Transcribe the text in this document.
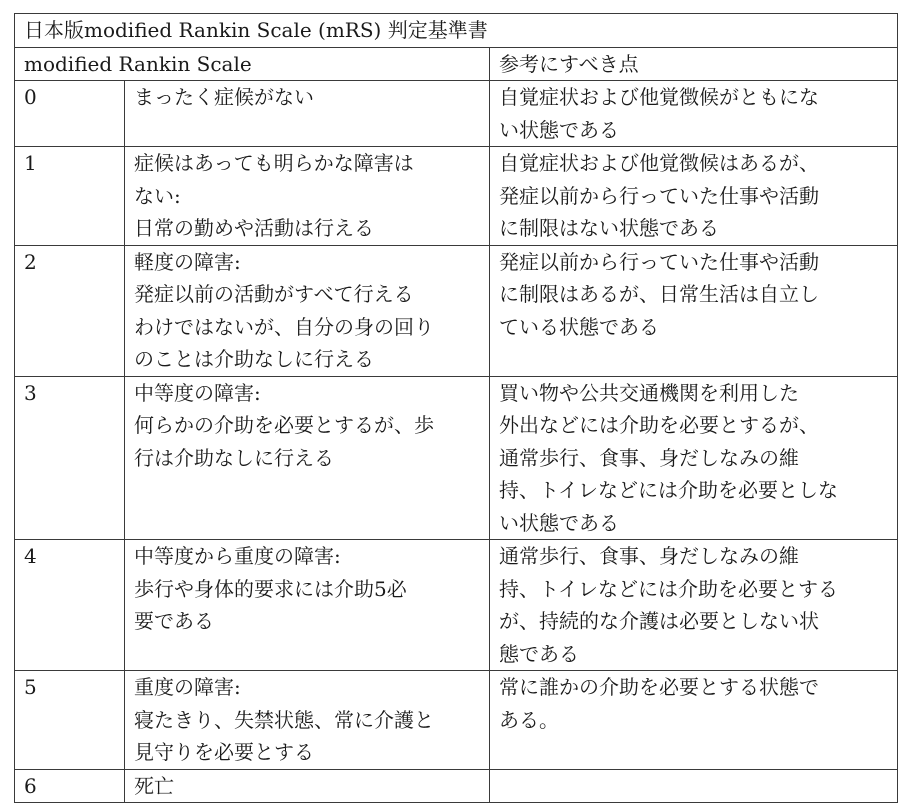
日本版modified Rankin Scale (mRS) 判定基準書		
modified Rankin Scale		参考にすべき点
0	まったく症候がない	自覚症状および他覚徴候がともにな
い状態である

1	症候はあっても明らかな障害は
ない:
日常の勤めや活動は行える	自覚症状および他覚徴候はあるが、
発症以前から行っていた仕事や活動
に制限はない状態である

2	軽度の障害:
発症以前の活動がすべて行える
わけではないが、自分の身の回り
のことは介助なしに行える	発症以前から行っていた仕事や活動
に制限はあるが、日常生活は自立し
ている状態である

3	中等度の障害:
何らかの介助を必要とするが、歩
行は介助なしに行える	買い物や公共交通機関を利用した
外出などには介助を必要とするが、
通常歩行、食事、身だしなみの維
持、トイレなどには介助を必要としな
い状態である

4	中等度から重度の障害:
歩行や身体的要求には介助5必
要である	通常歩行、食事、身だしなみの維
持、トイレなどには介助を必要とする
が、持続的な介護は必要としない状
態である

5	重度の障害:
寝たきり、失禁状態、常に介護と
見守りを必要とする	常に誰かの介助を必要とする状態で
ある。

6	死亡	
